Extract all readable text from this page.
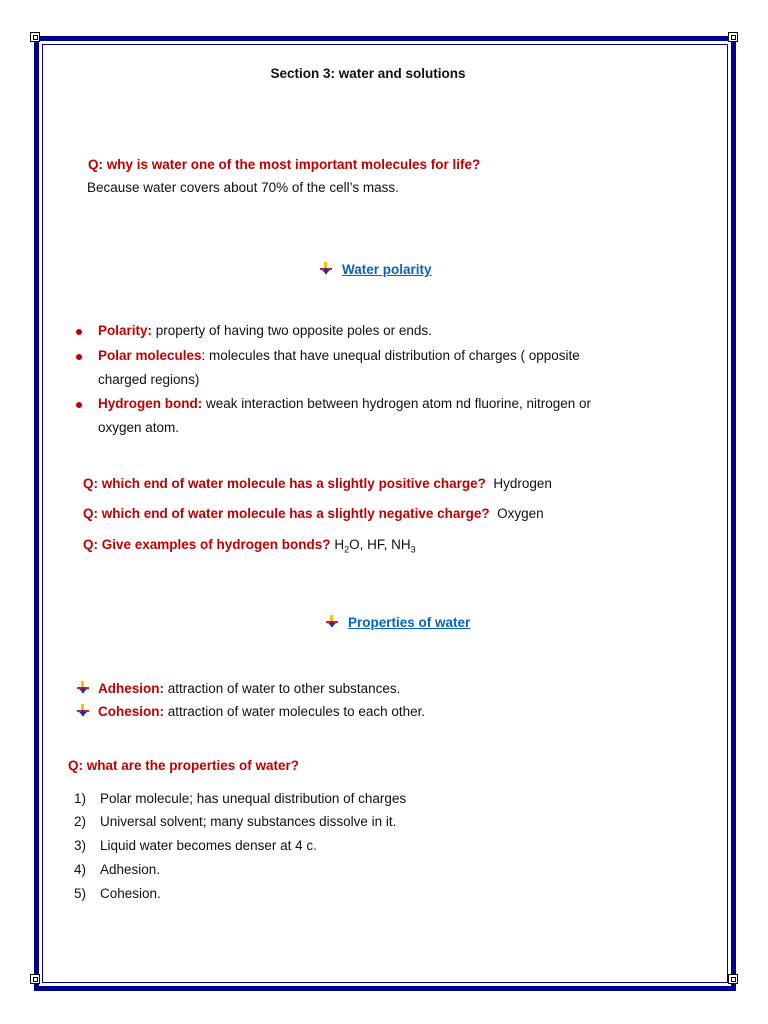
Section 3: water and solutions
Q: why is water one of the most important molecules for life?
Because water covers about 70% of the cell’s mass.
Water polarity
Polarity: property of having two opposite poles or ends.
Polar molecules: molecules that have unequal distribution of charges ( opposite
charged regions)
Hydrogen bond: weak interaction between hydrogen atom nd fluorine, nitrogen or
oxygen atom.
Q: which end of water molecule has a slightly positive charge? Hydrogen
Q: which end of water molecule has a slightly negative charge? Oxygen
Q: Give examples of hydrogen bonds? $H_2O$, HF, $NH_3$
Properties of water
Adhesion: attraction of water to other substances.
Cohesion: attraction of water molecules to each other.
Q: what are the properties of water?
1) Polar molecule; has unequal distribution of charges
2) Universal solvent; many substances dissolve in it.
3) Liquid water becomes denser at 4 c.
4) Adhesion.
5) Cohesion.
